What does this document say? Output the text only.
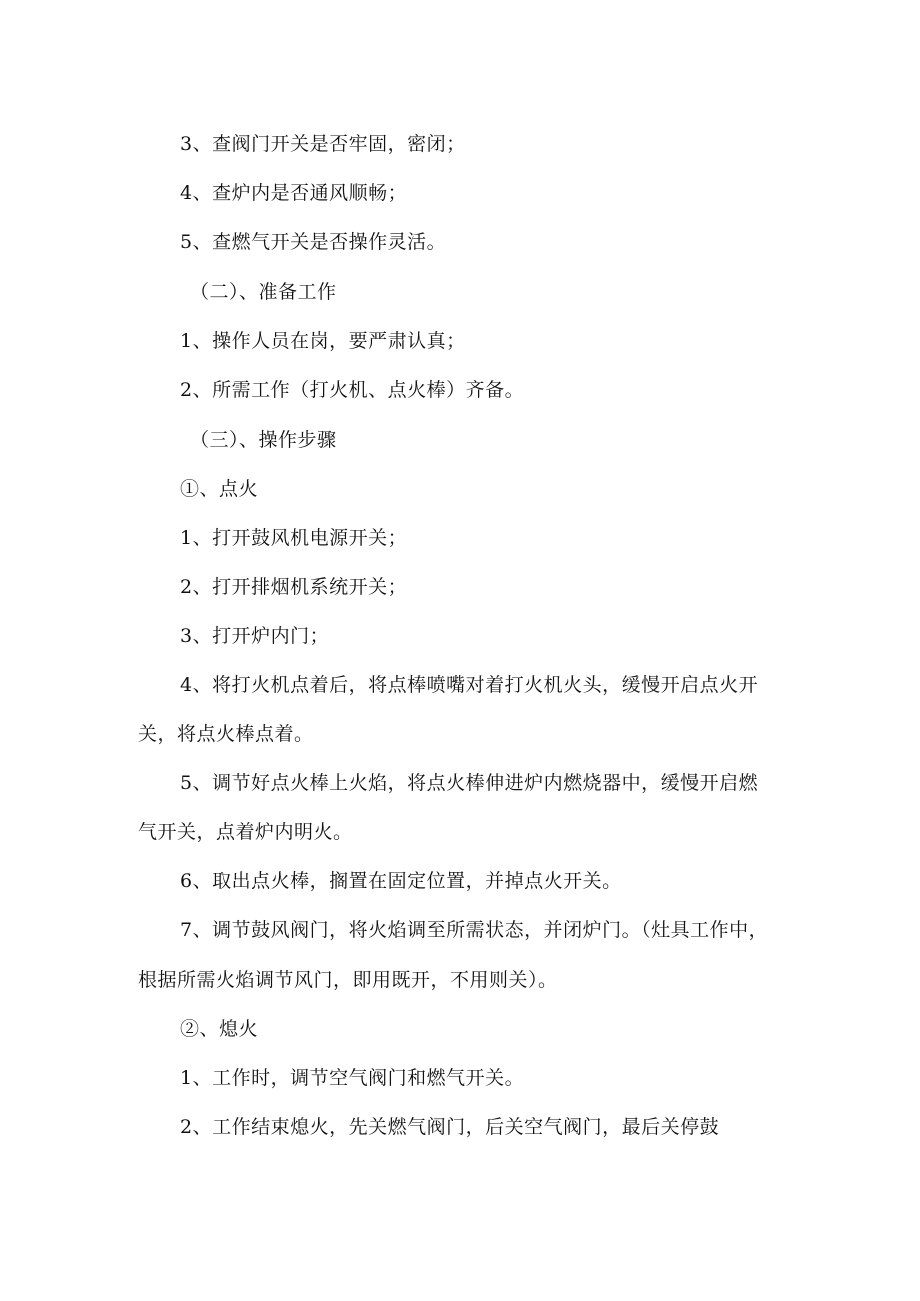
3、查阀门开关是否牢固，密闭；
4、查炉内是否通风顺畅；
5、查燃气开关是否操作灵活。
（二）、准备工作
1、操作人员在岗，要严肃认真；
2、所需工作（打火机、点火棒）齐备。
（三）、操作步骤
①、点火
1、打开鼓风机电源开关；
2、打开排烟机系统开关；
3、打开炉内门；
4、将打火机点着后，将点棒喷嘴对着打火机火头，缓慢开启点火开
关，将点火棒点着。
5、调节好点火棒上火焰，将点火棒伸进炉内燃烧器中，缓慢开启燃
气开关，点着炉内明火。
6、取出点火棒，搁置在固定位置，并掉点火开关。
7、调节鼓风阀门，将火焰调至所需状态，并闭炉门。（灶具工作中，
根据所需火焰调节风门，即用既开，不用则关）。
②、熄火
1、工作时，调节空气阀门和燃气开关。
2、工作结束熄火，先关燃气阀门，后关空气阀门，最后关停鼓
